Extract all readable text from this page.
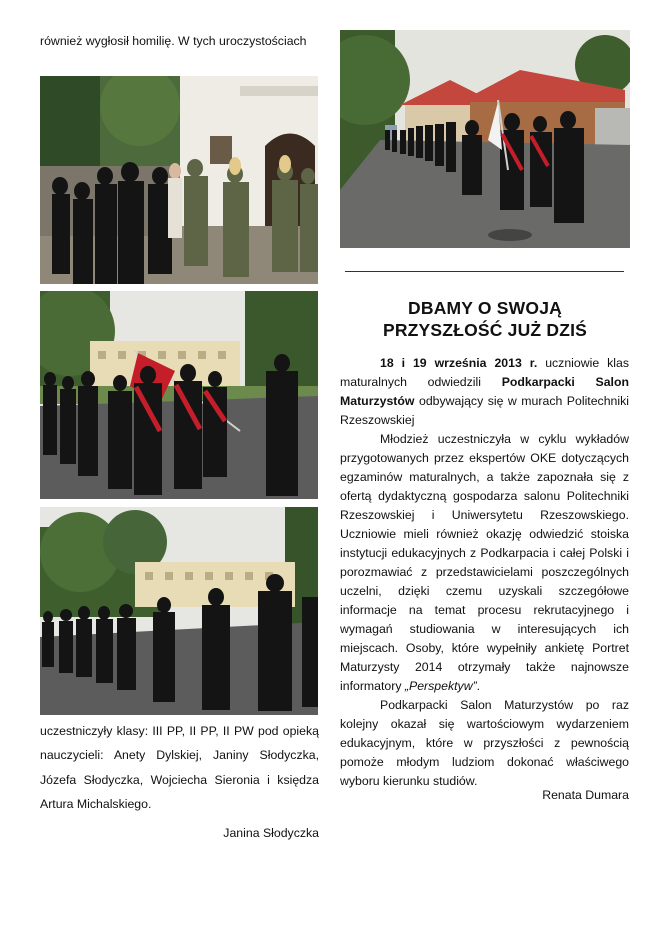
również wygłosił homilię. W tych uroczystościach
uczestniczyły klasy: III PP, II PP, II PW pod opieką nauczycieli: Anety Dylskiej, Janiny Słodyczka, Józefa Słodyczka, Wojciecha Sieronia i księdza Artura Michalskiego.
Janina Słodyczka
DBAMY O SWOJĄ
PRZYSZŁOŚĆ JUŻ DZIŚ

18 i 19 września 2013 r. uczniowie klas maturalnych odwiedzili Podkarpacki Salon Maturzystów odbywający się w murach Politechniki Rzeszowskiej

Młodzież uczestniczyła w cyklu wykładów przygotowanych przez ekspertów OKE dotyczących egzaminów maturalnych, a także zapoznała się z ofertą dydaktyczną gospodarza salonu Politechniki Rzeszowskiej i Uniwersytetu Rzeszowskiego. Uczniowie mieli również okazję odwiedzić stoiska instytucji edukacyjnych z Podkarpacia i całej Polski i porozmawiać z przedstawicielami poszczególnych uczelni, dzięki czemu uzyskali szczegółowe informacje na temat procesu rekrutacyjnego i wymagań studiowania w interesujących ich miejscach. Osoby, które wypełniły ankietę Portret Maturzysty 2014 otrzymały także najnowsze informatory „Perspektyw”.

Podkarpacki Salon Maturzystów po raz kolejny okazał się wartościowym wydarzeniem edukacyjnym, które w przyszłości z pewnością pomoże młodym ludziom dokonać właściwego wyboru kierunku studiów.

Renata Dumara
